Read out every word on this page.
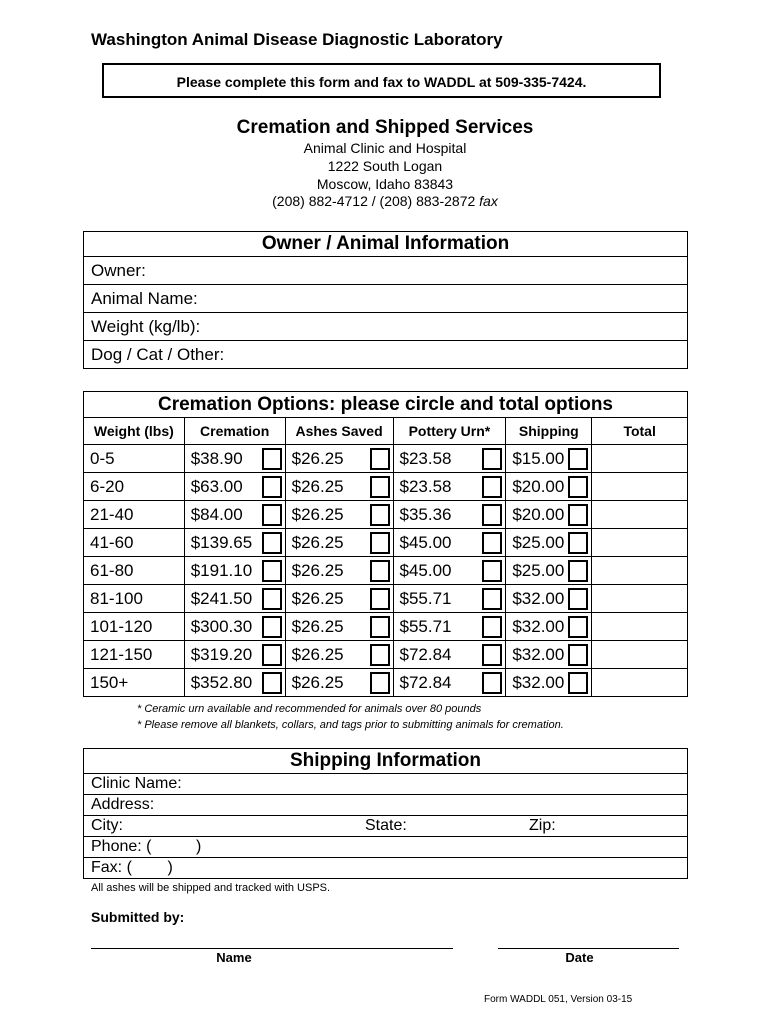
Washington Animal Disease Diagnostic Laboratory
Please complete this form and fax to WADDL at 509-335-7424.
Cremation and Shipped Services
Animal Clinic and Hospital
1222 South Logan
Moscow, Idaho 83843
(208) 882-4712 / (208) 883-2872 fax
Owner / Animal Information
Owner:
Animal Name:
Weight (kg/lb):
Dog / Cat / Other:
Cremation Options: please circle and total options					
Weight (lbs)	Cremation	Ashes Saved	Pottery Urn*	Shipping	Total
0-5	$38.90	$26.25	$23.58	$15.00	

6-20	$63.00	$26.25	$23.58	$20.00	

21-40	$84.00	$26.25	$35.36	$20.00	

41-60	$139.65	$26.25	$45.00	$25.00	

61-80	$191.10	$26.25	$45.00	$25.00	

81-100	$241.50	$26.25	$55.71	$32.00	

101-120	$300.30	$26.25	$55.71	$32.00	

121-150	$319.20	$26.25	$72.84	$32.00	

150+	$352.80	$26.25	$72.84	$32.00	

* Ceramic urn available and recommended for animals over 80 pounds
* Please remove all blankets, collars, and tags prior to submitting animals for cremation.
Shipping Information
Clinic Name:
Address:
City:	State:	Zip:

Phone: (          )
Fax: (        )
All ashes will be shipped and tracked with USPS.
Submitted by:
Name	Date
Form WADDL 051, Version 03-15
